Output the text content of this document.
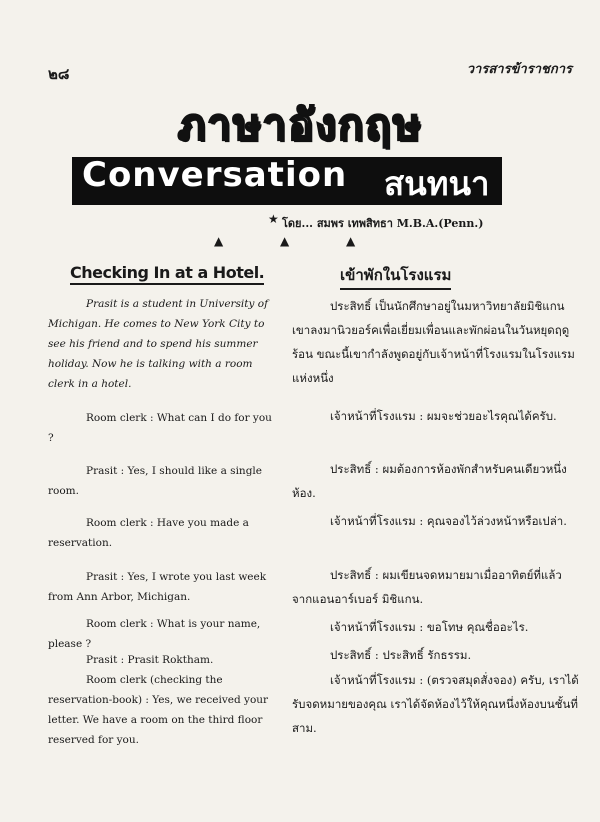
๒๘	วารสารข้าราชการ
ภาษาอังกฤษ
Conversation สนทนา
★ โดย... สมพร เทพสิทธา M.B.A.(Penn.)
▲	▲	▲
Checking In at a Hotel.	เข้าพักในโรงแรม
Prasit is a student in University of Michigan. He comes to New York City to see his friend and to spend his summer holiday. Now he is talking with a room clerk in a hotel.
Room clerk : What can I do for you ?
Prasit : Yes, I should like a single room.
Room clerk : Have you made a reservation.
Prasit : Yes, I wrote you last week from Ann Arbor, Michigan.
Room clerk : What is your name, please ?
Prasit : Prasit Roktham.
Room clerk (checking the reservation-book) : Yes, we received your letter. We have a room on the third floor reserved for you.
ประสิทธิ์ เป็นนักศึกษาอยู่ในมหาวิทยาลัยมิชิแกน เขาลงมานิวยอร์คเพื่อเยี่ยมเพื่อนและพักผ่อนในวันหยุดฤดูร้อน ขณะนี้เขากำลังพูดอยู่กับเจ้าหน้าที่โรงแรมในโรงแรมแห่งหนึ่ง
เจ้าหน้าที่โรงแรม : ผมจะช่วยอะไรคุณได้ครับ.
ประสิทธิ์ : ผมต้องการห้องพักสำหรับคนเดียวหนึ่งห้อง.
เจ้าหน้าที่โรงแรม : คุณจองไว้ล่วงหน้าหรือเปล่า.
ประสิทธิ์ : ผมเขียนจดหมายมาเมื่ออาทิตย์ที่แล้ว จากแอนอาร์เบอร์ มิชิแกน.
เจ้าหน้าที่โรงแรม : ขอโทษ คุณชื่ออะไร.
ประสิทธิ์ : ประสิทธิ์ รักธรรม.
เจ้าหน้าที่โรงแรม : (ตรวจสมุดสั่งจอง) ครับ, เราได้รับจดหมายของคุณ เราได้จัดห้องไว้ให้คุณหนึ่งห้องบนชั้นที่สาม.
